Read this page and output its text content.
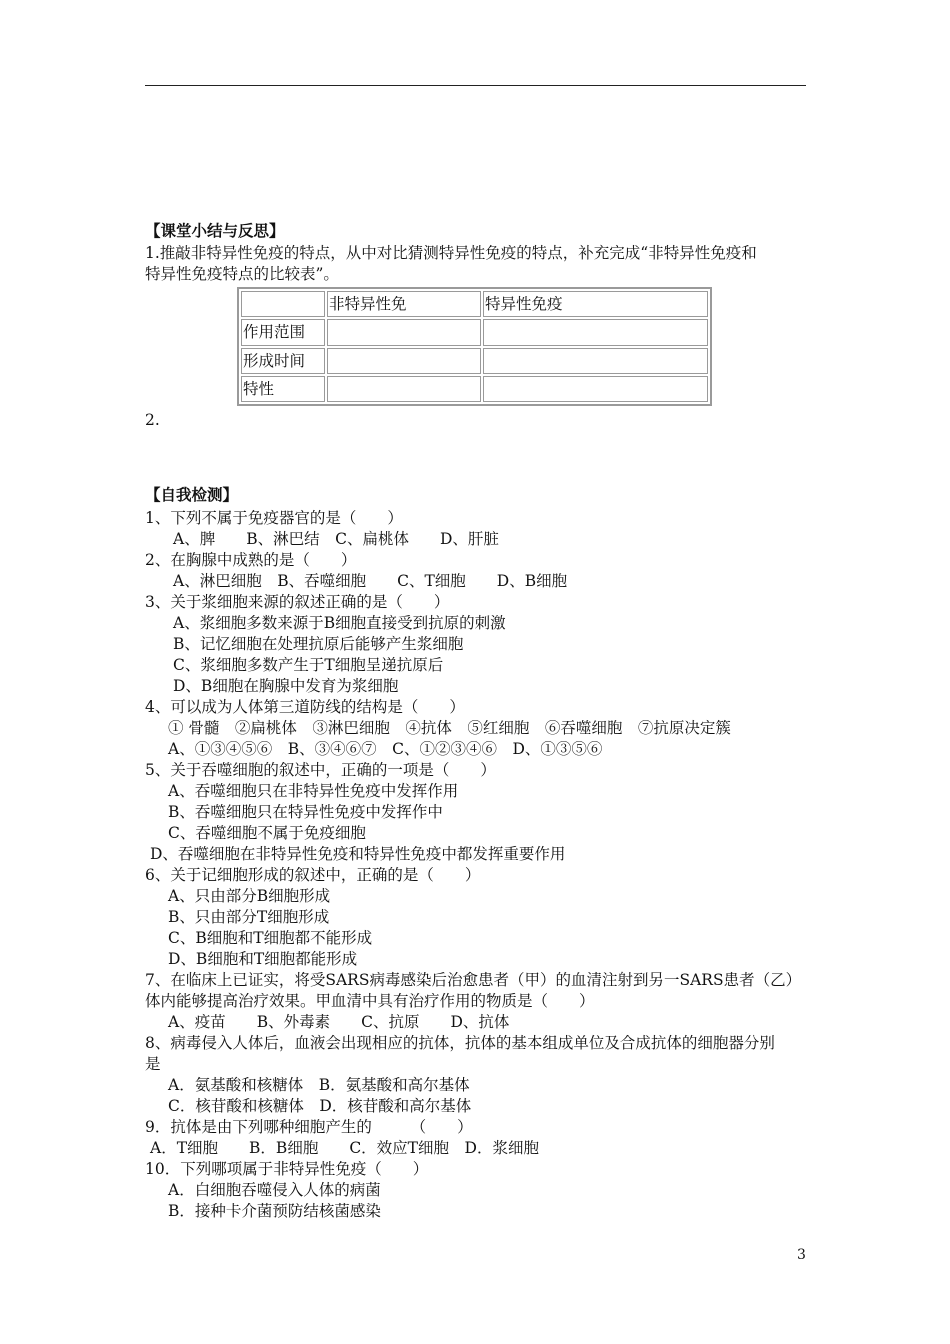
【课堂小结与反思】
1.推敲非特异性免疫的特点，从中对比猜测特异性免疫的特点，补充完成“非特异性免疫和
特异性免疫特点的比较表”。
	非特异性免	特异性免疫
作用范围		
形成时间		
特性		
2.
【自我检测】
1、下列不属于免疫器官的是（　　）
A、脾　　B、淋巴结　C、扁桃体　　D、肝脏
2、在胸腺中成熟的是（　　）
A、淋巴细胞　B、吞噬细胞　　C、T细胞　　D、B细胞
3、关于浆细胞来源的叙述正确的是（　　）
A、浆细胞多数来源于B细胞直接受到抗原的刺激
B、记忆细胞在处理抗原后能够产生浆细胞
C、浆细胞多数产生于T细胞呈递抗原后
D、B细胞在胸腺中发育为浆细胞
4、可以成为人体第三道防线的结构是（　　）
① 骨髓　②扁桃体　③淋巴细胞　④抗体　⑤红细胞　⑥吞噬细胞　⑦抗原决定簇
A、①③④⑤⑥　B、③④⑥⑦　C、①②③④⑥　D、①③⑤⑥
5、关于吞噬细胞的叙述中，正确的一项是（　　）
A、吞噬细胞只在非特异性免疫中发挥作用
B、吞噬细胞只在特异性免疫中发挥作中
C、吞噬细胞不属于免疫细胞
D、吞噬细胞在非特异性免疫和特异性免疫中都发挥重要作用
6、关于记细胞形成的叙述中，正确的是（　　）
A、只由部分B细胞形成
B、只由部分T细胞形成
C、B细胞和T细胞都不能形成
D、B细胞和T细胞都能形成
7、在临床上已证实，将受SARS病毒感染后治愈患者（甲）的血清注射到另一SARS患者（乙）
体内能够提高治疗效果。甲血清中具有治疗作用的物质是（　　）
A、疫苗　　B、外毒素　　C、抗原　　D、抗体
8、病毒侵入人体后，血液会出现相应的抗体，抗体的基本组成单位及合成抗体的细胞器分别
是
A．氨基酸和核糖体　B．氨基酸和高尔基体
C．核苷酸和核糖体　D．核苷酸和高尔基体
9．抗体是由下列哪种细胞产生的　　　（　　）
A．T细胞　　B．B细胞　　C．效应T细胞　D．浆细胞
10．下列哪项属于非特异性免疫（　　）
A．白细胞吞噬侵入人体的病菌
B．接种卡介菌预防结核菌感染
3
